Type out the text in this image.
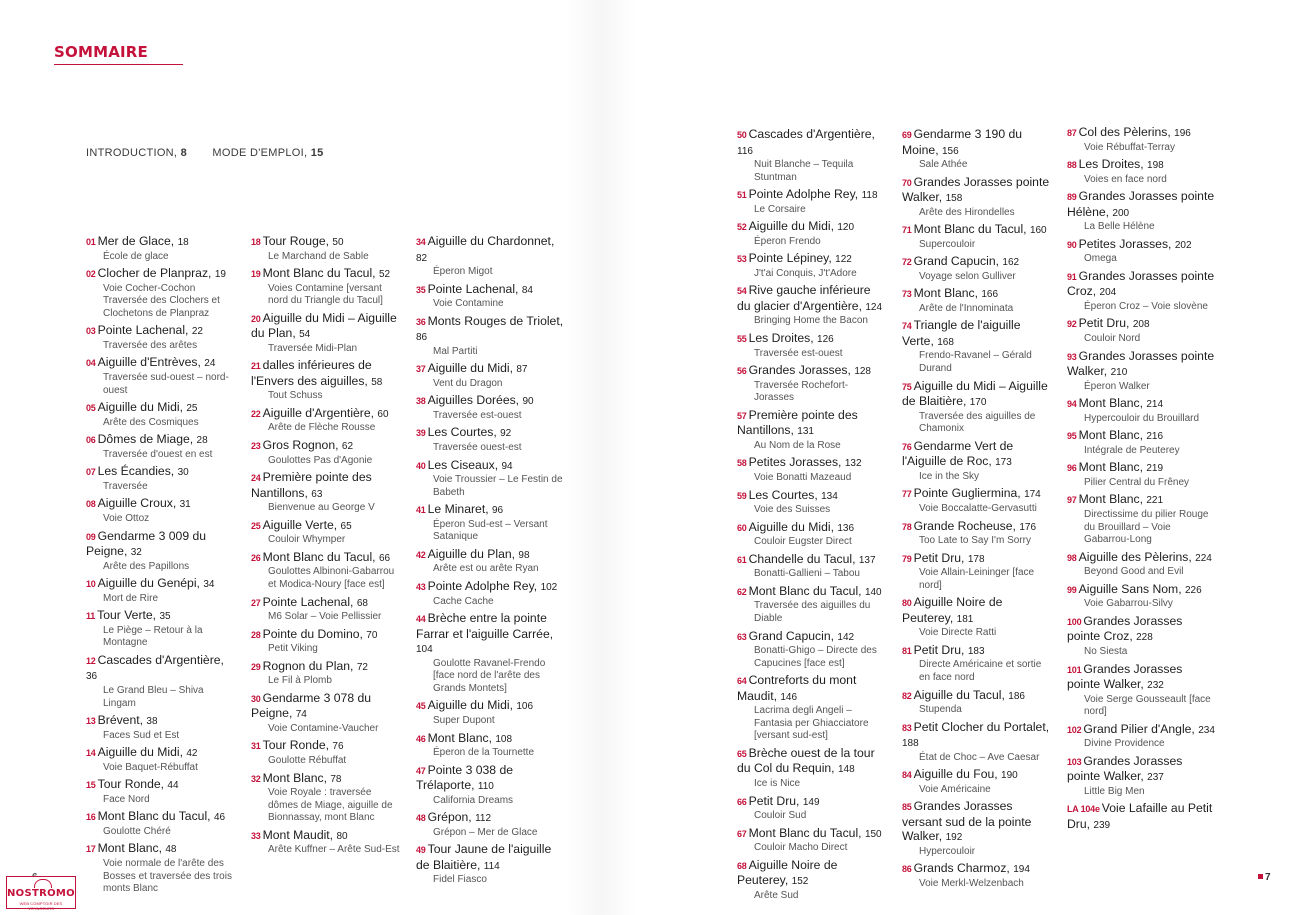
SOMMAIRE
INTRODUCTION, 8 MODE D'EMPLOI, 15
01 Mer de Glace, 18
École de glace
02 Clocher de Planpraz, 19
Voie Cocher-Cochon Traversée des Clochers et Clochetons de Planpraz
03 Pointe Lachenal, 22
Traversée des arêtes
04 Aiguille d'Entrèves, 24
Traversée sud-ouest – nord-ouest
05 Aiguille du Midi, 25
Arête des Cosmiques
06 Dômes de Miage, 28
Traversée d'ouest en est
07 Les Écandies, 30
Traversée
08 Aiguille Croux, 31
Voie Ottoz
09 Gendarme 3 009 du Peigne, 32
Arête des Papillons
10 Aiguille du Genépi, 34
Mort de Rire
11 Tour Verte, 35
Le Piège – Retour à la Montagne
12 Cascades d'Argentière, 36
Le Grand Bleu – Shiva Lingam
13 Brévent, 38
Faces Sud et Est
14 Aiguille du Midi, 42
Voie Baquet-Rébuffat
15 Tour Ronde, 44
Face Nord
16 Mont Blanc du Tacul, 46
Goulotte Chéré
17 Mont Blanc, 48
Voie normale de l'arête des Bosses et traversée des trois monts Blanc
18 Tour Rouge, 50
Le Marchand de Sable
19 Mont Blanc du Tacul, 52
Voies Contamine [versant nord du Triangle du Tacul]
20 Aiguille du Midi – Aiguille du Plan, 54
Traversée Midi-Plan
21 dalles inférieures de l'Envers des aiguilles, 58
Tout Schuss
22 Aiguille d'Argentière, 60
Arête de Flèche Rousse
23 Gros Rognon, 62
Goulottes Pas d'Agonie
24 Première pointe des Nantillons, 63
Bienvenue au George V
25 Aiguille Verte, 65
Couloir Whymper
26 Mont Blanc du Tacul, 66
Goulottes Albinoni-Gabarrou et Modica-Noury [face est]
27 Pointe Lachenal, 68
M6 Solar – Voie Pellissier
28 Pointe du Domino, 70
Petit Viking
29 Rognon du Plan, 72
Le Fil à Plomb
30 Gendarme 3 078 du Peigne, 74
Voie Contamine-Vaucher
31 Tour Ronde, 76
Goulotte Rébuffat
32 Mont Blanc, 78
Voie Royale : traversée dômes de Miage, aiguille de Bionnassay, mont Blanc
33 Mont Maudit, 80
Arête Kuffner – Arête Sud-Est
34 Aiguille du Chardonnet, 82
Éperon Migot
35 Pointe Lachenal, 84
Voie Contamine
36 Monts Rouges de Triolet, 86
Mal Partiti
37 Aiguille du Midi, 87
Vent du Dragon
38 Aiguilles Dorées, 90
Traversée est-ouest
39 Les Courtes, 92
Traversée ouest-est
40 Les Ciseaux, 94
Voie Troussier – Le Festin de Babeth
41 Le Minaret, 96
Éperon Sud-est – Versant Satanique
42 Aiguille du Plan, 98
Arête est ou arête Ryan
43 Pointe Adolphe Rey, 102
Cache Cache
44 Brèche entre la pointe Farrar et l'aiguille Carrée, 104
Goulotte Ravanel-Frendo [face nord de l'arête des Grands Montets]
45 Aiguille du Midi, 106
Super Dupont
46 Mont Blanc, 108
Éperon de la Tournette
47 Pointe 3 038 de Trélaporte, 110
California Dreams
48 Grépon, 112
Grépon – Mer de Glace
49 Tour Jaune de l'aiguille de Blaitière, 114
Fidel Fiasco
50 Cascades d'Argentière, 116
Nuit Blanche – Tequila Stuntman
51 Pointe Adolphe Rey, 118
Le Corsaire
52 Aiguille du Midi, 120
Éperon Frendo
53 Pointe Lépiney, 122
J't'ai Conquis, J't'Adore
54 Rive gauche inférieure du glacier d'Argentière, 124
Bringing Home the Bacon
55 Les Droites, 126
Traversée est-ouest
56 Grandes Jorasses, 128
Traversée Rochefort-Jorasses
57 Première pointe des Nantillons, 131
Au Nom de la Rose
58 Petites Jorasses, 132
Voie Bonatti Mazeaud
59 Les Courtes, 134
Voie des Suisses
60 Aiguille du Midi, 136
Couloir Eugster Direct
61 Chandelle du Tacul, 137
Bonatti-Gallieni – Tabou
62 Mont Blanc du Tacul, 140
Traversée des aiguilles du Diable
63 Grand Capucin, 142
Bonatti-Ghigo – Directe des Capucines [face est]
64 Contreforts du mont Maudit, 146
Lacrima degli Angeli – Fantasia per Ghiacciatore [versant sud-est]
65 Brèche ouest de la tour du Col du Requin, 148
Ice is Nice
66 Petit Dru, 149
Couloir Sud
67 Mont Blanc du Tacul, 150
Couloir Macho Direct
68 Aiguille Noire de Peuterey, 152
Arête Sud
69 Gendarme 3 190 du Moine, 156
Sale Athée
70 Grandes Jorasses pointe Walker, 158
Arête des Hirondelles
71 Mont Blanc du Tacul, 160
Supercouloir
72 Grand Capucin, 162
Voyage selon Gulliver
73 Mont Blanc, 166
Arête de l'Innominata
74 Triangle de l'aiguille Verte, 168
Frendo-Ravanel – Gérald Durand
75 Aiguille du Midi – Aiguille de Blaitière, 170
Traversée des aiguilles de Chamonix
76 Gendarme Vert de l'Aiguille de Roc, 173
Ice in the Sky
77 Pointe Gugliermina, 174
Voie Boccalatte-Gervasutti
78 Grande Rocheuse, 176
Too Late to Say I'm Sorry
79 Petit Dru, 178
Voie Allain-Leininger [face nord]
80 Aiguille Noire de Peuterey, 181
Voie Directe Ratti
81 Petit Dru, 183
Directe Américaine et sortie en face nord
82 Aiguille du Tacul, 186
Stupenda
83 Petit Clocher du Portalet, 188
État de Choc – Ave Caesar
84 Aiguille du Fou, 190
Voie Américaine
85 Grandes Jorasses versant sud de la pointe Walker, 192
Hypercouloir
86 Grands Charmoz, 194
Voie Merkl-Welzenbach
87 Col des Pèlerins, 196
Voie Rébuffat-Terray
88 Les Droites, 198
Voies en face nord
89 Grandes Jorasses pointe Hélène, 200
La Belle Hélène
90 Petites Jorasses, 202
Omega
91 Grandes Jorasses pointe Croz, 204
Éperon Croz – Voie slovène
92 Petit Dru, 208
Couloir Nord
93 Grandes Jorasses pointe Walker, 210
Éperon Walker
94 Mont Blanc, 214
Hypercouloir du Brouillard
95 Mont Blanc, 216
Intégrale de Peuterey
96 Mont Blanc, 219
Pilier Central du Frêney
97 Mont Blanc, 221
Directissime du pilier Rouge du Brouillard – Voie Gabarrou-Long
98 Aiguille des Pèlerins, 224
Beyond Good and Evil
99 Aiguille Sans Nom, 226
Voie Gabarrou-Silvy
100 Grandes Jorasses pointe Croz, 228
No Siesta
101 Grandes Jorasses pointe Walker, 232
Voie Serge Gousseault [face nord]
102 Grand Pilier d'Angle, 234
Divine Providence
103 Grandes Jorasses pointe Walker, 237
Little Big Men
LA 104e Voie Lafaille au Petit Dru, 239
7
NOSTROMO
WEB COMPTOIR DES VOYAGEURS
